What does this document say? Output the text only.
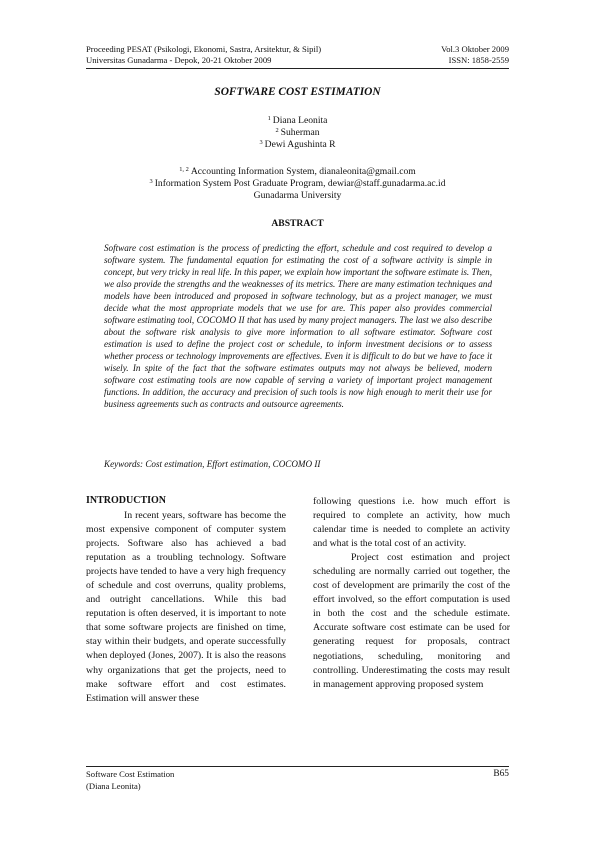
Proceeding PESAT (Psikologi, Ekonomi, Sastra, Arsitektur, & Sipil)	Vol.3 Oktober 2009
Universitas Gunadarma - Depok, 20-21 Oktober 2009	ISSN: 1858-2559
SOFTWARE COST ESTIMATION
$^1$ Diana Leonita
$^2$ Suherman
$^3$ Dewi Agushinta R
$^{1, 2}$ Accounting Information System, dianaleonita@gmail.com
$^3$ Information System Post Graduate Program, dewiar@staff.gunadarma.ac.id
Gunadarma University
ABSTRACT

Software cost estimation is the process of predicting the effort, schedule and cost required to develop a software system. The fundamental equation for estimating the cost of a software activity is simple in concept, but very tricky in real life. In this paper, we explain how important the software estimate is. Then, we also provide the strengths and the weaknesses of its metrics. There are many estimation techniques and models have been introduced and proposed in software technology, but as a project manager, we must decide what the most appropriate models that we use for are. This paper also provides commercial software estimating tool, COCOMO II that has used by many project managers. The last we also describe about the software risk analysis to give more information to all software estimator. Software cost estimation is used to define the project cost or schedule, to inform investment decisions or to assess whether process or technology improvements are effectives. Even it is difficult to do but we have to face it wisely. In spite of the fact that the software estimates outputs may not always be believed, modern software cost estimating tools are now capable of serving a variety of important project management functions. In addition, the accuracy and precision of such tools is now high enough to merit their use for business agreements such as contracts and outsource agreements.

Keywords: Cost estimation, Effort estimation, COCOMO II

INTRODUCTION

In recent years, software has become the most expensive component of computer system projects. Software also has achieved a bad reputation as a troubling technology. Software projects have tended to have a very high frequency of schedule and cost overruns, quality problems, and outright cancellations. While this bad reputation is often deserved, it is important to note that some software projects are finished on time, stay within their budgets, and operate successfully when deployed (Jones, 2007). It is also the reasons why organizations that get the projects, need to make software effort and cost estimates. Estimation will answer these

following questions i.e. how much effort is required to complete an activity, how much calendar time is needed to complete an activity and what is the total cost of an activity.

Project cost estimation and project scheduling are normally carried out together, the cost of development are primarily the cost of the effort involved, so the effort computation is used in both the cost and the schedule estimate. Accurate software cost estimate can be used for generating request for proposals, contract negotiations, scheduling, monitoring and controlling. Underestimating the costs may result in management approving proposed system

Software Cost Estimation	B65
(Diana Leonita)
